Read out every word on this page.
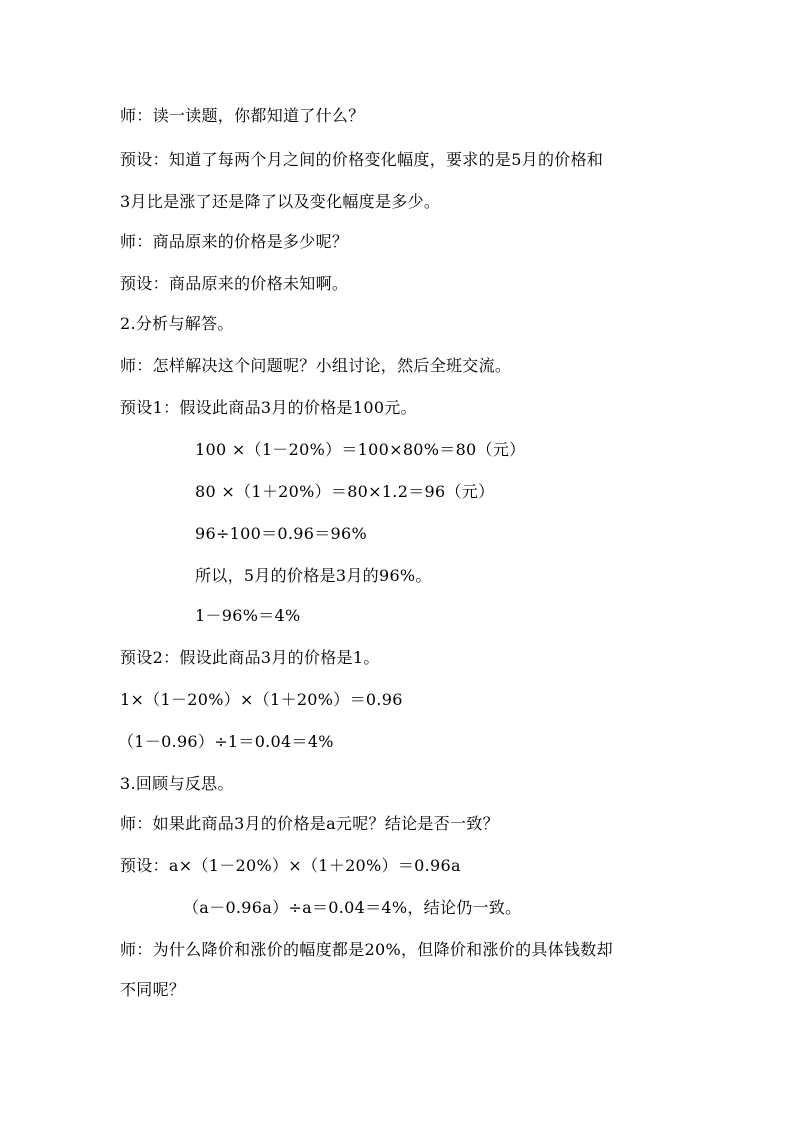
师：读一读题，你都知道了什么？
预设：知道了每两个月之间的价格变化幅度，要求的是5月的价格和
3月比是涨了还是降了以及变化幅度是多少。
师：商品原来的价格是多少呢？
预设：商品原来的价格未知啊。
2.分析与解答。
师：怎样解决这个问题呢？小组讨论，然后全班交流。
预设1：假设此商品3月的价格是100元。
100 ×（1－20%）＝100×80%＝80（元）
80 ×（1＋20%）＝80×1.2＝96（元）
96÷100＝0.96＝96%
所以，5月的价格是3月的96%。
1－96%＝4%
预设2：假设此商品3月的价格是1。
1×（1－20%）×（1＋20%）＝0.96
（1－0.96）÷1＝0.04＝4%
3.回顾与反思。
师：如果此商品3月的价格是a元呢？结论是否一致？
预设：a×（1－20%）×（1＋20%）＝0.96a
（a－0.96a）÷a＝0.04＝4%，结论仍一致。
师：为什么降价和涨价的幅度都是20%，但降价和涨价的具体钱数却
不同呢？
